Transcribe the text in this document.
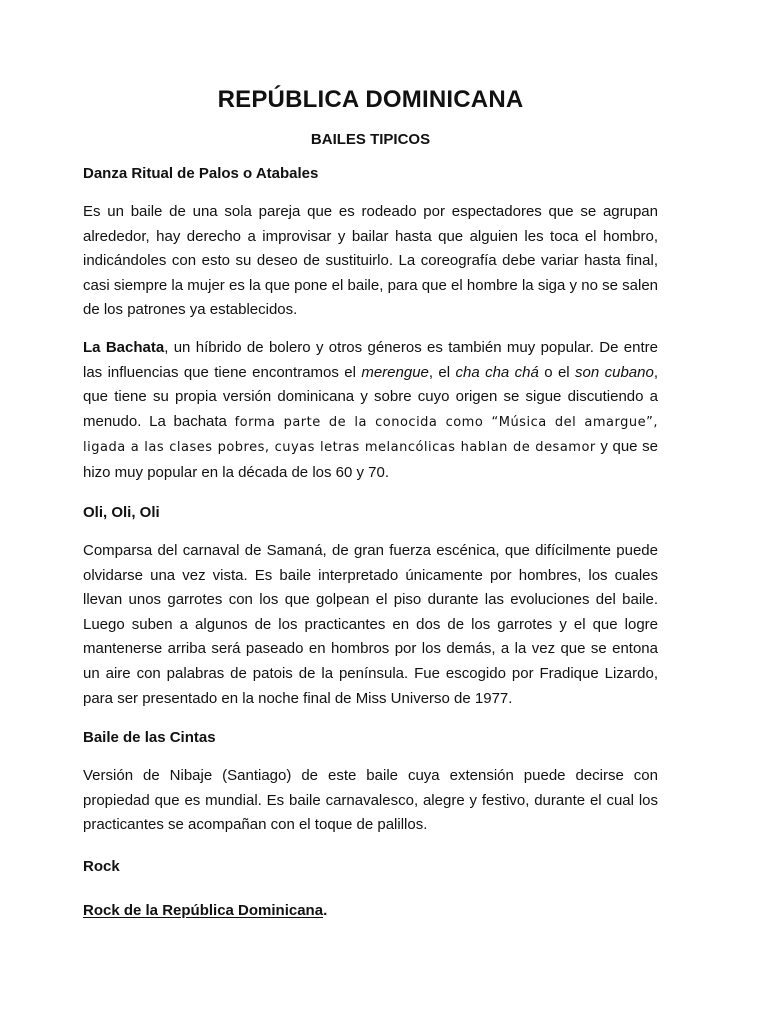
REPÚBLICA DOMINICANA
BAILES TIPICOS
Danza Ritual de Palos o Atabales

Es un baile de una sola pareja que es rodeado por espectadores que se agrupan alrededor, hay derecho a improvisar y bailar hasta que alguien les toca el hombro, indicándoles con esto su deseo de sustituirlo. La coreografía debe variar hasta final, casi siempre la mujer es la que pone el baile, para que el hombre la siga y no se salen de los patrones ya establecidos.

La Bachata, un híbrido de bolero y otros géneros es también muy popular. De entre las influencias que tiene encontramos el merengue, el cha cha chá o el son cubano, que tiene su propia versión dominicana y sobre cuyo origen se sigue discutiendo a menudo. La bachata forma parte de la conocida como “Música del amargue”, ligada a las clases pobres, cuyas letras melancólicas hablan de desamor y que se hizo muy popular en la década de los 60 y 70.

Oli, Oli, Oli

Comparsa del carnaval de Samaná, de gran fuerza escénica, que difícilmente puede olvidarse una vez vista. Es baile interpretado únicamente por hombres, los cuales llevan unos garrotes con los que golpean el piso durante las evoluciones del baile. Luego suben a algunos de los practicantes en dos de los garrotes y el que logre mantenerse arriba será paseado en hombros por los demás, a la vez que se entona un aire con palabras de patois de la península. Fue escogido por Fradique Lizardo, para ser presentado en la noche final de Miss Universo de 1977.

Baile de las Cintas

Versión de Nibaje (Santiago) de este baile cuya extensión puede decirse con propiedad que es mundial. Es baile carnavalesco, alegre y festivo, durante el cual los practicantes se acompañan con el toque de palillos.

Rock

Rock de la República Dominicana.
